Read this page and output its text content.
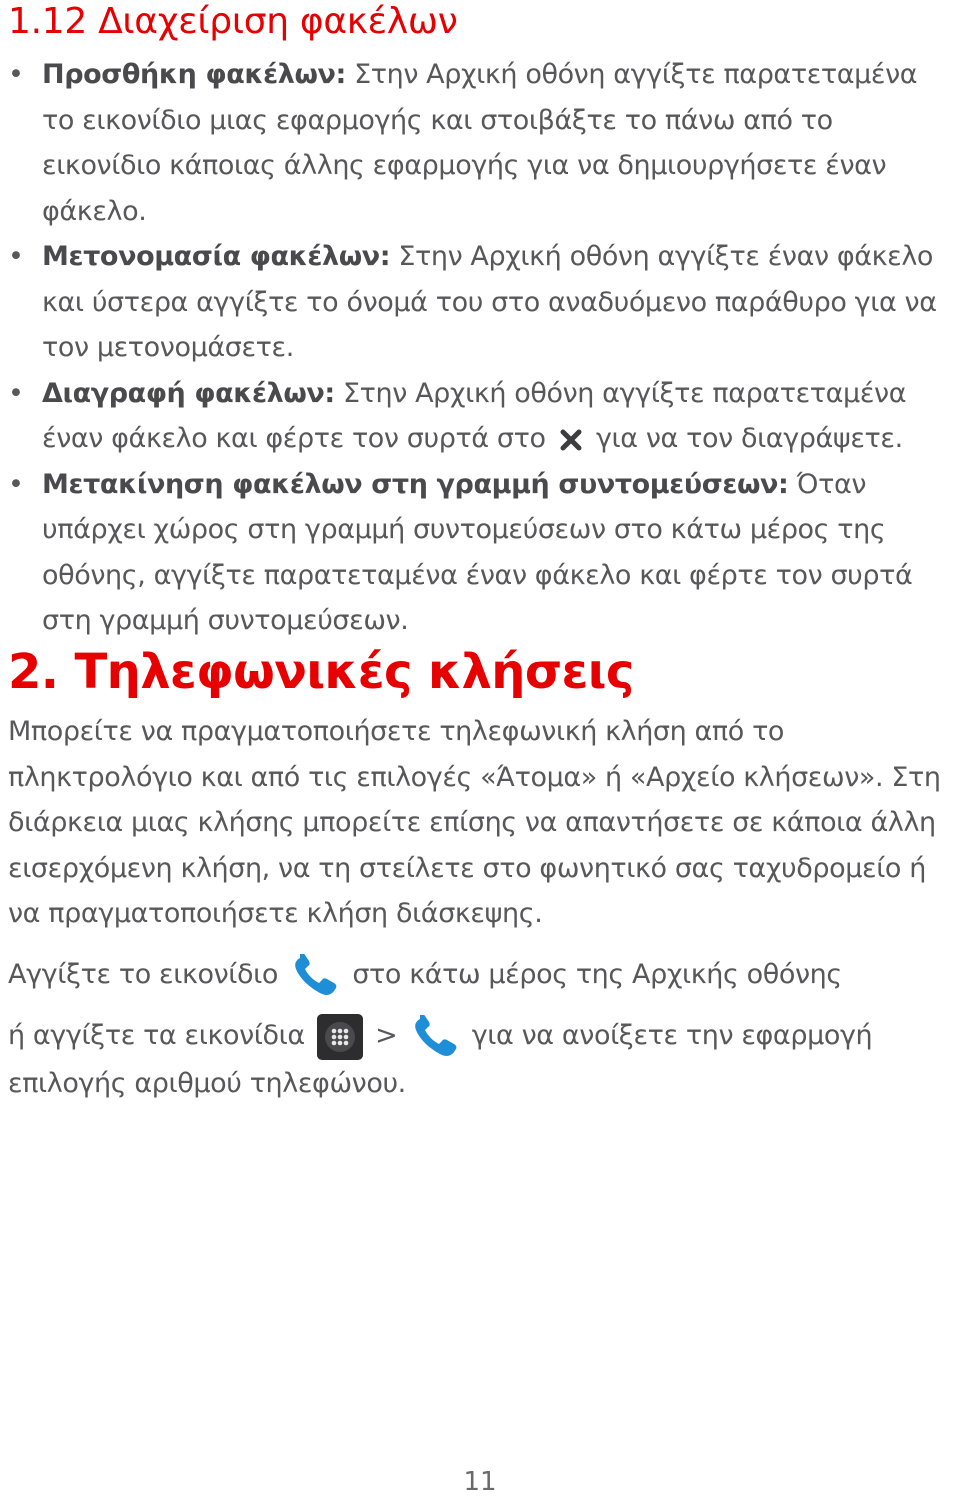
1.12 Διαχείριση φακέλων
• Προσθήκη φακέλων: Στην Αρχική οθόνη αγγίξτε παρατεταμένα το εικονίδιο μιας εφαρμογής και στοιβάξτε το πάνω από το εικονίδιο κάποιας άλλης εφαρμογής για να δημιουργήσετε έναν φάκελο.
• Μετονομασία φακέλων: Στην Αρχική οθόνη αγγίξτε έναν φάκελο και ύστερα αγγίξτε το όνομά του στο αναδυόμενο παράθυρο για να τον μετονομάσετε.
• Διαγραφή φακέλων: Στην Αρχική οθόνη αγγίξτε παρατεταμένα έναν φάκελο και φέρτε τον συρτά στο
για να τον διαγράψετε.
• Μετακίνηση φακέλων στη γραμμή συντομεύσεων: Όταν υπάρχει χώρος στη γραμμή συντομεύσεων στο κάτω μέρος της οθόνης, αγγίξτε παρατεταμένα έναν φάκελο και φέρτε τον συρτά στη γραμμή συντομεύσεων.
2. Τηλεφωνικές κλήσεις

Μπορείτε να πραγματοποιήσετε τηλεφωνική κλήση από το πληκτρολόγιο και από τις επιλογές «Άτομα» ή «Αρχείο κλήσεων». Στη διάρκεια μιας κλήσης μπορείτε επίσης να απαντήσετε σε κάποια άλλη εισερχόμενη κλήση, να τη στείλετε στο φωνητικό σας ταχυδρομείο ή να πραγματοποιήσετε κλήση διάσκεψης.

Αγγίξτε το εικονίδιο
στο κάτω μέρος της Αρχικής οθόνης

ή αγγίξτε τα εικονίδια
>
για να ανοίξετε την εφαρμογή επιλογής αριθμού τηλεφώνου.

11
